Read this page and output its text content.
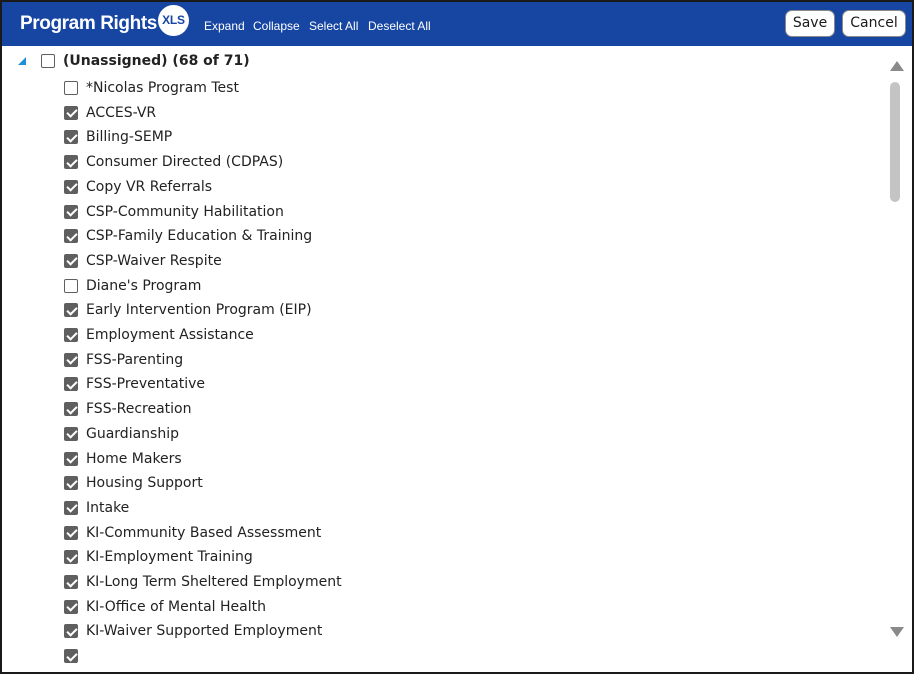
Program Rights XLS	Expand Collapse Select All Deselect All	Save	Cancel
(Unassigned) (68 of 71)
*Nicolas Program Test
ACCES-VR
Billing-SEMP
Consumer Directed (CDPAS)
Copy VR Referrals
CSP-Community Habilitation
CSP-Family Education & Training
CSP-Waiver Respite
Diane's Program
Early Intervention Program (EIP)
Employment Assistance
FSS-Parenting
FSS-Preventative
FSS-Recreation
Guardianship
Home Makers
Housing Support
Intake
KI-Community Based Assessment
KI-Employment Training
KI-Long Term Sheltered Employment
KI-Office of Mental Health
KI-Waiver Supported Employment
